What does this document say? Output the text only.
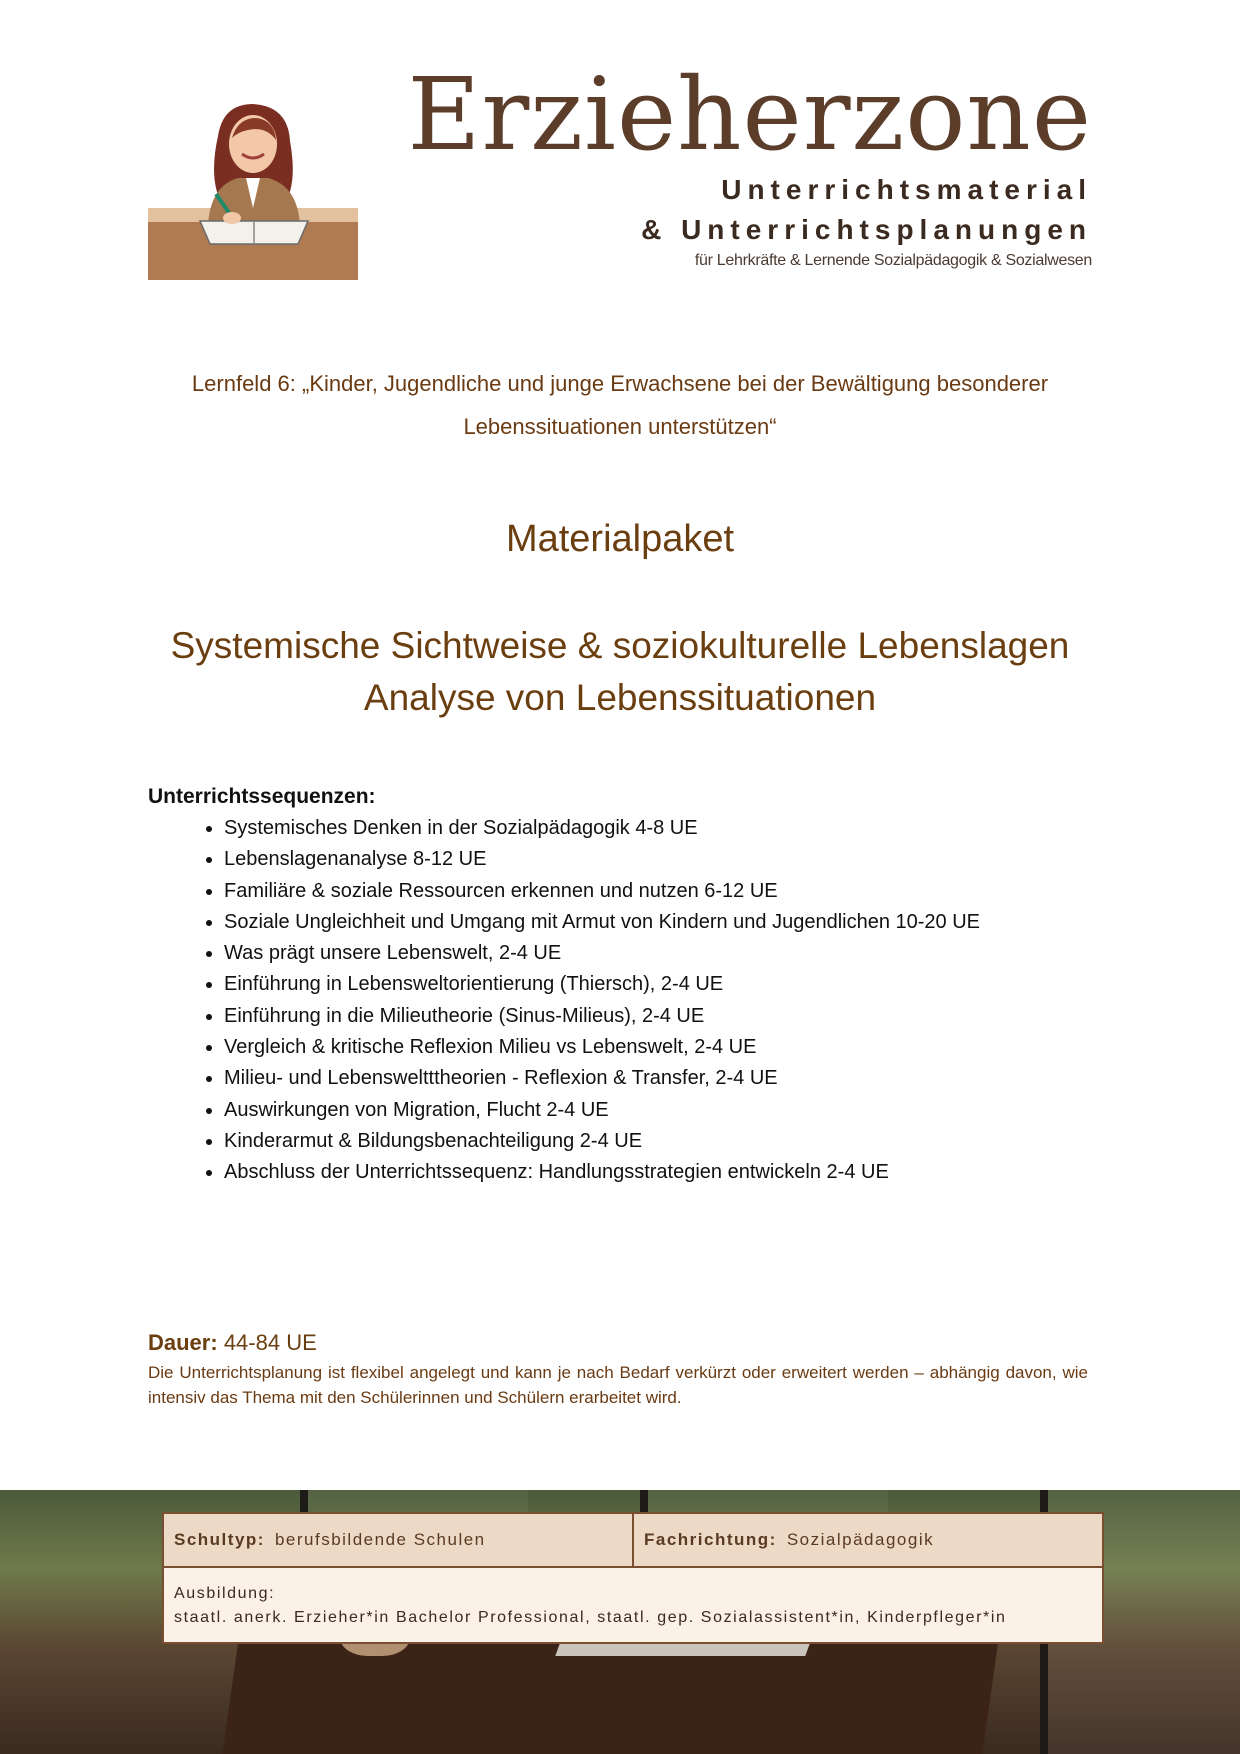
Erzieherzone
Unterrichtsmaterial
& Unterrichtsplanungen
für Lehrkräfte & Lernende Sozialpädagogik & Sozialwesen
Lernfeld 6: „Kinder, Jugendliche und junge Erwachsene bei der Bewältigung besonderer
Lebenssituationen unterstützen“
Materialpaket
Systemische Sichtweise & soziokulturelle Lebenslagen
Analyse von Lebenssituationen
Unterrichtssequenzen:
• Systemisches Denken in der Sozialpädagogik 4-8 UE
• Lebenslagenanalyse 8-12 UE
• Familiäre & soziale Ressourcen erkennen und nutzen 6-12 UE
• Soziale Ungleichheit und Umgang mit Armut von Kindern und Jugendlichen 10-20 UE
• Was prägt unsere Lebenswelt, 2-4 UE
• Einführung in Lebensweltorientierung (Thiersch), 2-4 UE
• Einführung in die Milieutheorie (Sinus-Milieus), 2-4 UE
• Vergleich & kritische Reflexion Milieu vs Lebenswelt, 2-4 UE
• Milieu- und Lebensweltttheorien - Reflexion & Transfer, 2-4 UE
• Auswirkungen von Migration, Flucht 2-4 UE
• Kinderarmut & Bildungsbenachteiligung 2-4 UE
• Abschluss der Unterrichtssequenz: Handlungsstrategien entwickeln 2-4 UE
Dauer: 44-84 UE
Die Unterrichtsplanung ist flexibel angelegt und kann je nach Bedarf verkürzt oder erweitert werden – abhängig davon, wie intensiv das Thema mit den Schülerinnen und Schülern erarbeitet wird.
Schultyp: berufsbildende Schulen	Fachrichtung: Sozialpädagogik
Ausbildung:
staatl. anerk. Erzieher*in Bachelor Professional, staatl. gep. Sozialassistent*in, Kinderpfleger*in
